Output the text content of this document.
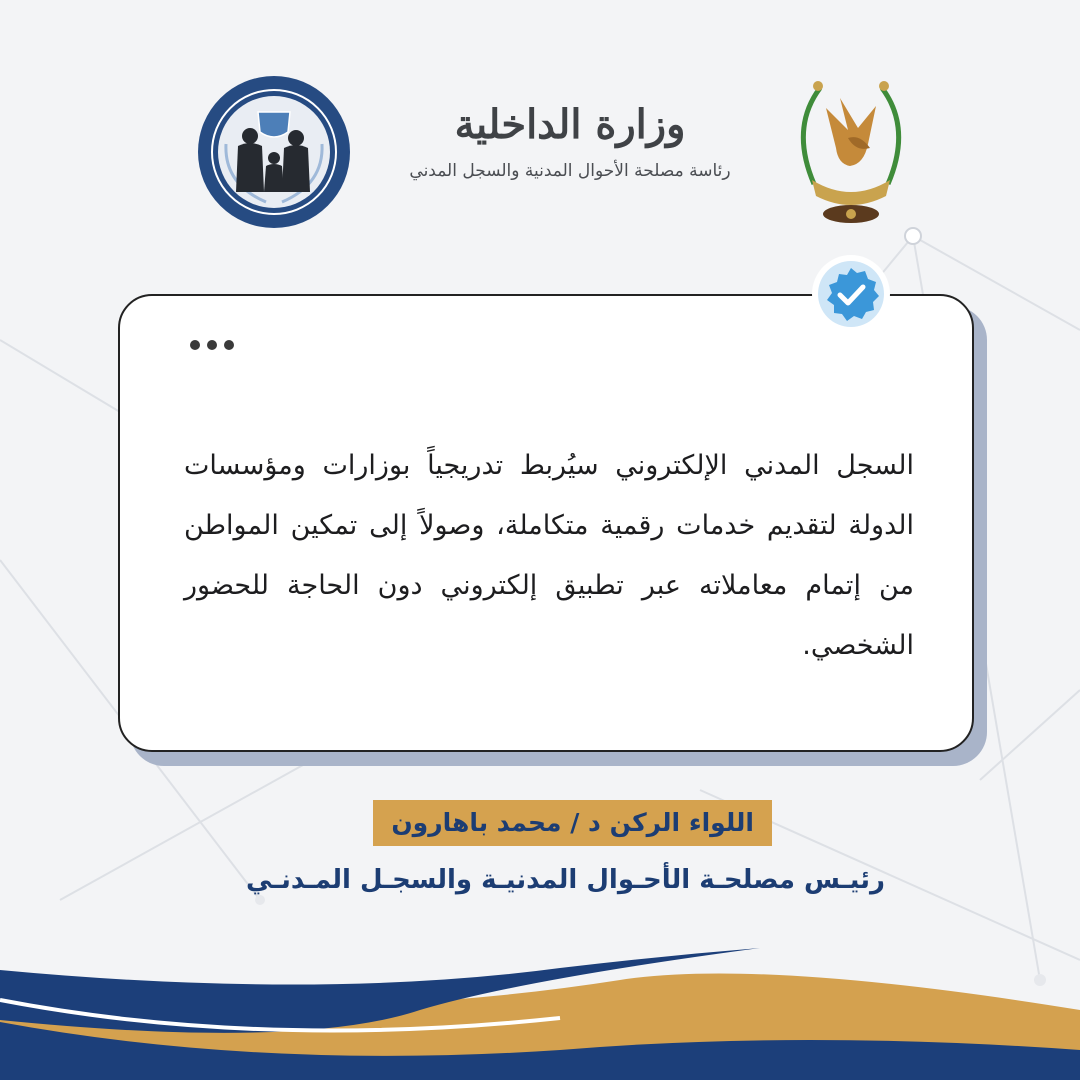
وزارة الداخلية
رئاسة مصلحة الأحوال المدنية والسجل المدني

السجل المدني الإلكتروني سيُربط تدريجياً بوزارات ومؤسسات الدولة لتقديم خدمات رقمية متكاملة، وصولاً إلى تمكين المواطن من إتمام معاملاته عبر تطبيق إلكتروني دون الحاجة للحضور الشخصي.

اللواء الركن د / محمد باهارون
رئيـس مصلحـة الأحـوال المدنيـة والسجـل المـدنـي
